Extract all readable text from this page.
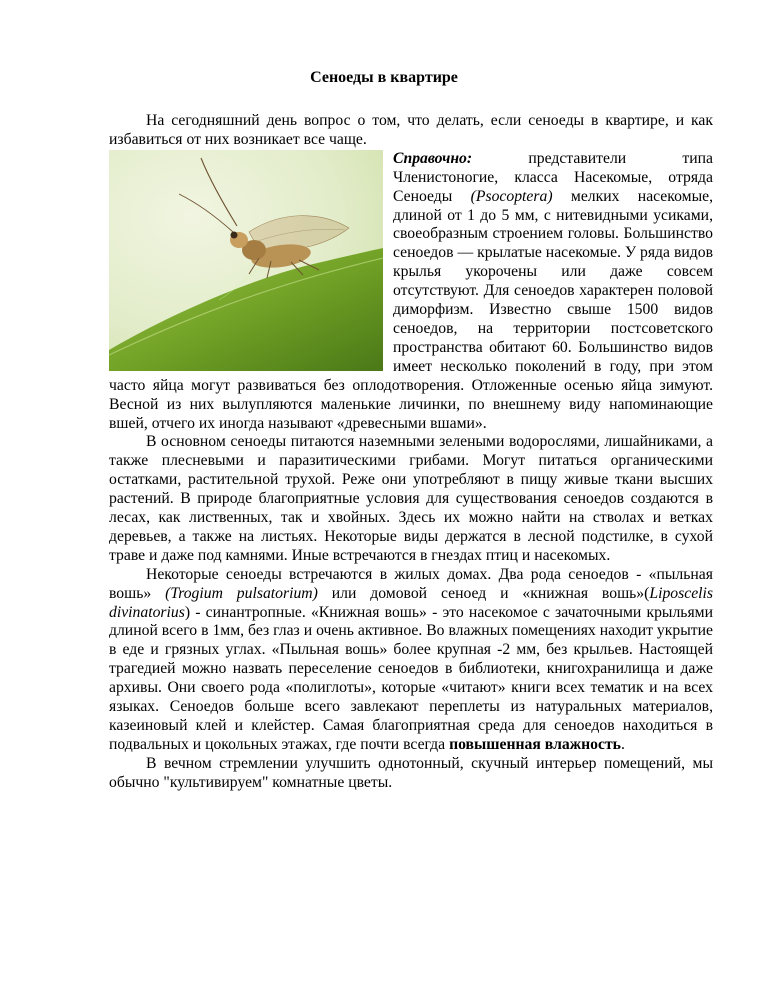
Сеноеды в квартире

На сегодняшний день вопрос о том, что делать, если сеноеды в квартире, и как избавиться от них возникает все чаще.

Справочно: представители типа Членистоногие, класса Насекомые, отряда Сеноеды (Psocoptera) мелких насекомые, длиной от 1 до 5 мм, с нитевидными усиками, своеобразным строением головы. Большинство сеноедов — крылатые насекомые. У ряда видов крылья укорочены или даже совсем отсутствуют. Для сеноедов характерен половой диморфизм. Известно свыше 1500 видов сеноедов, на территории постсоветского пространства обитают 60. Большинство видов имеет несколько поколений в году, при этом часто яйца могут развиваться без оплодотворения. Отложенные осенью яйца зимуют. Весной из них вылупляются маленькие личинки, по внешнему виду напоминающие вшей, отчего их иногда называют «древесными вшами».

В основном сеноеды питаются наземными зелеными водорослями, лишайниками, а также плесневыми и паразитическими грибами. Могут питаться органическими остатками, растительной трухой. Реже они употребляют в пищу живые ткани высших растений. В природе благоприятные условия для существования сеноедов создаются в лесах, как лиственных, так и хвойных. Здесь их можно найти на стволах и ветках деревьев, а также на листьях. Некоторые виды держатся в лесной подстилке, в сухой траве и даже под камнями. Иные встречаются в гнездах птиц и насекомых.

Некоторые сеноеды встречаются в жилых домах. Два рода сеноедов - «пыльная вошь» (Trogium pulsatorium) или домовой сеноед и «книжная вошь»(Liposcelis divinatorius) - синантропные. «Книжная вошь» - это насекомое с зачаточными крыльями длиной всего в 1мм, без глаз и очень активное. Во влажных помещениях находит укрытие в еде и грязных углах. «Пыльная вошь» более крупная -2 мм, без крыльев. Настоящей трагедией можно назвать переселение сеноедов в библиотеки, книгохранилища и даже архивы. Они своего рода «полиглоты», которые «читают» книги всех тематик и на всех языках. Сеноедов больше всего завлекают переплеты из натуральных материалов, казеиновый клей и клейстер. Самая благоприятная среда для сеноедов находиться в подвальных и цокольных этажах, где почти всегда повышенная влажность.

В вечном стремлении улучшить однотонный, скучный интерьер помещений, мы обычно "культивируем" комнатные цветы.
